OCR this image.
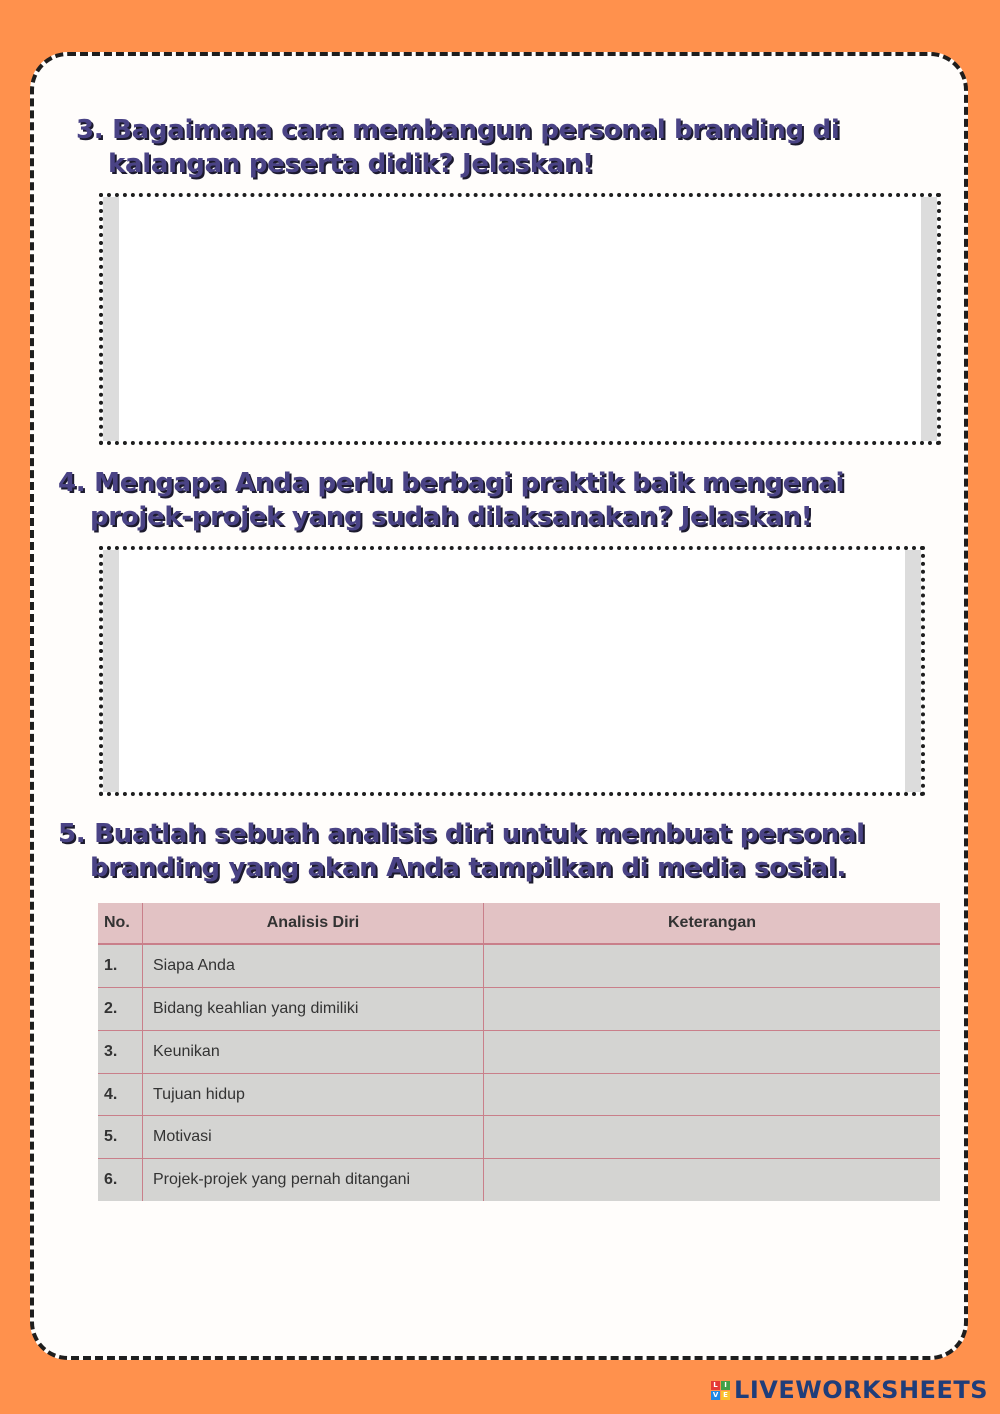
3. Bagaimana cara membangun personal branding di
kalangan peserta didik? Jelaskan!
4. Mengapa Anda perlu berbagi praktik baik mengenai
projek-projek yang sudah dilaksanakan? Jelaskan!
5. Buatlah sebuah analisis diri untuk membuat personal
branding yang akan Anda tampilkan di media sosial.
No.	Analisis Diri	Keterangan
1.	Siapa Anda	
2.	Bidang keahlian yang dimiliki	
3.	Keunikan	
4.	Tujuan hidup	
5.	Motivasi	
6.	Projek-projek yang pernah ditangani	
L I
V E LIVEWORKSHEETS
